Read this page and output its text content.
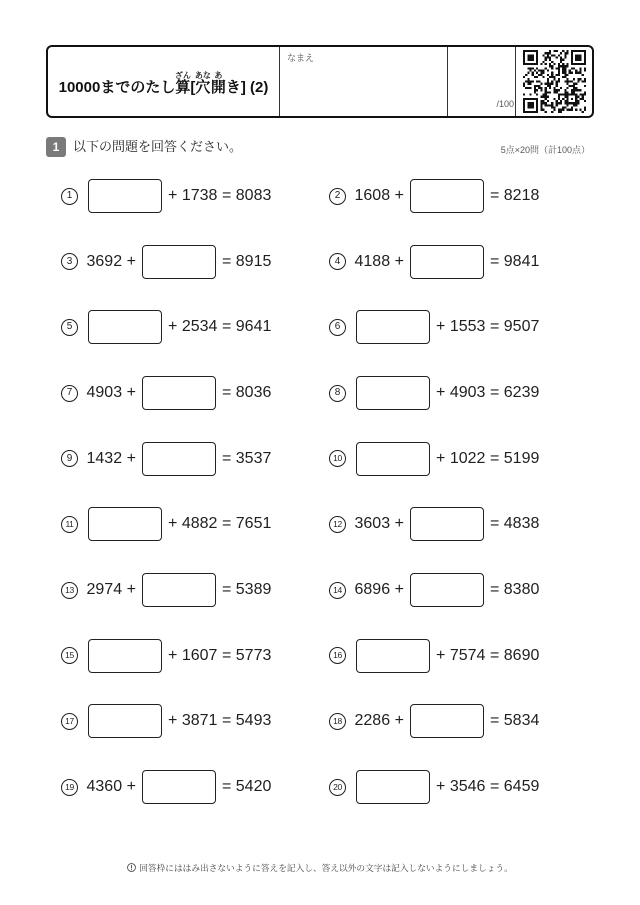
10000までのたし算ざん[穴あな開あき] (2)
なまえ
/100
1	以下の問題を回答ください。	5点×20問（計100点）
1	+ 1738 = 8083	2 1608 +	= 8218
3 3692 +	= 8915	4 4188 +	= 9841
5	+ 2534 = 9641	6	+ 1553 = 9507
7 4903 +	= 8036	8	+ 4903 = 6239
9 1432 +	= 3537	10	+ 1022 = 5199
11	+ 4882 = 7651	12 3603 +	= 4838
13 2974 +	= 5389	14 6896 +	= 8380
15	+ 1607 = 5773	16	+ 7574 = 8690
17	+ 3871 = 5493	18 2286 +	= 5834
19 4360 +	= 5420	20	+ 3546 = 6459
回答枠にははみ出さないように答えを記入し、答え以外の文字は記入しないようにしましょう。
